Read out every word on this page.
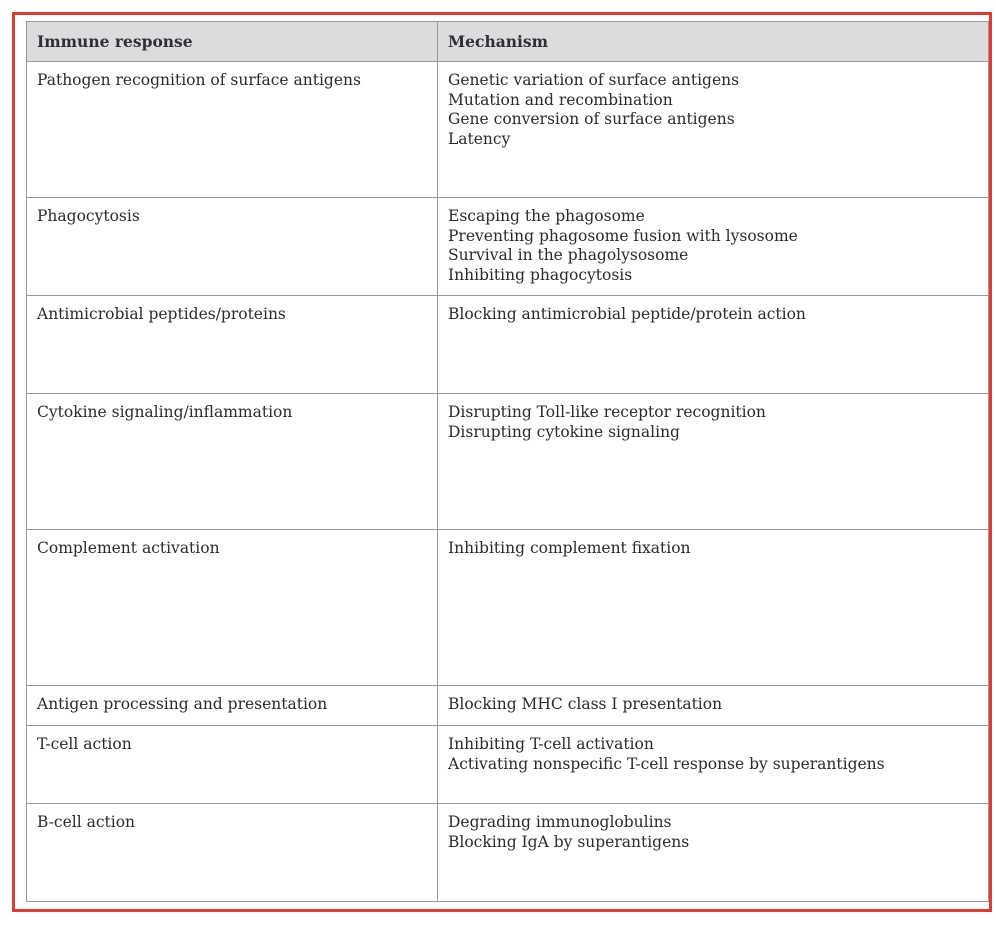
Immune response	Mechanism
Pathogen recognition of surface antigens	Genetic variation of surface antigens
Mutation and recombination
Gene conversion of surface antigens
Latency

Phagocytosis	Escaping the phagosome
Preventing phagosome fusion with lysosome
Survival in the phagolysosome
Inhibiting phagocytosis

Antimicrobial peptides/proteins	Blocking antimicrobial peptide/protein action

Cytokine signaling/inflammation	Disrupting Toll-like receptor recognition
Disrupting cytokine signaling

Complement activation	Inhibiting complement fixation

Antigen processing and presentation	Blocking MHC class I presentation

T-cell action	Inhibiting T-cell activation
Activating nonspecific T-cell response by superantigens

B-cell action	Degrading immunoglobulins
Blocking IgA by superantigens
